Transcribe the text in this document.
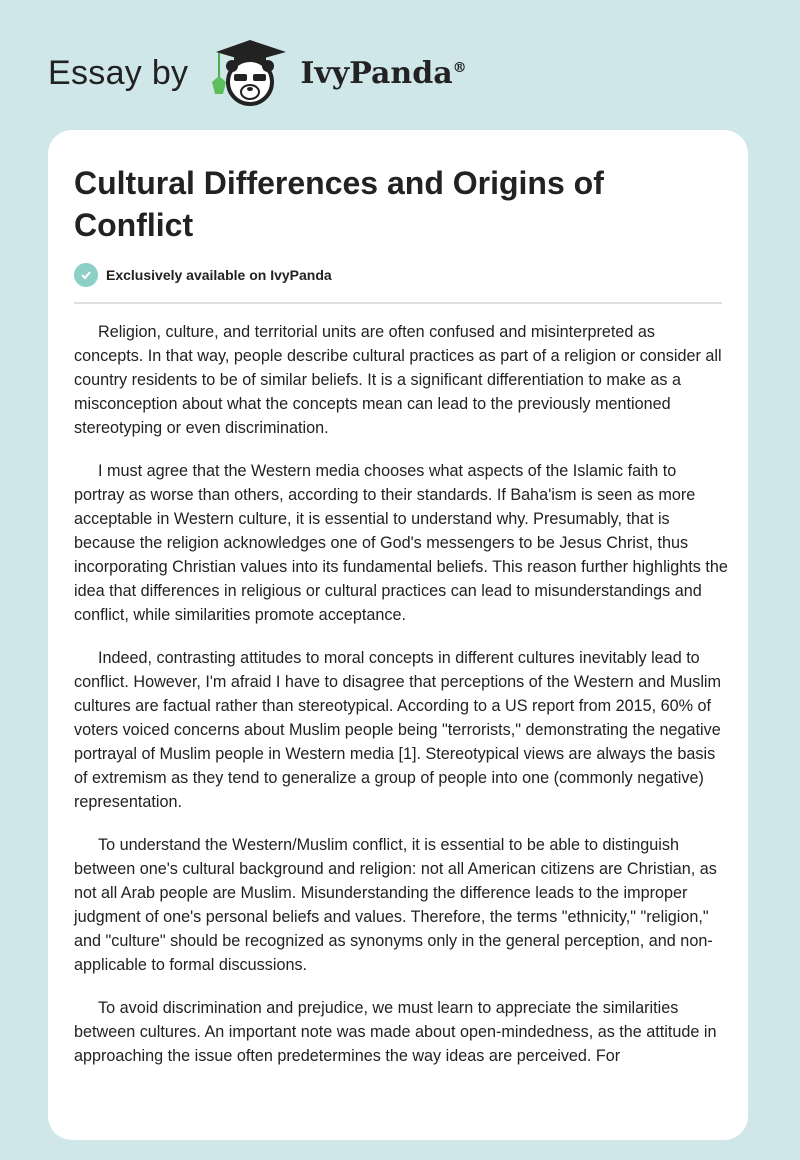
Essay by	IvyPanda®
Cultural Differences and Origins of Conflict
Exclusively available on IvyPanda

Religion, culture, and territorial units are often confused and misinterpreted as concepts. In that way, people describe cultural practices as part of a religion or consider all country residents to be of similar beliefs. It is a significant differentiation to make as a misconception about what the concepts mean can lead to the previously mentioned stereotyping or even discrimination.

I must agree that the Western media chooses what aspects of the Islamic faith to portray as worse than others, according to their standards. If Baha'ism is seen as more acceptable in Western culture, it is essential to understand why. Presumably, that is because the religion acknowledges one of God's messengers to be Jesus Christ, thus incorporating Christian values into its fundamental beliefs. This reason further highlights the idea that differences in religious or cultural practices can lead to misunderstandings and conflict, while similarities promote acceptance.

Indeed, contrasting attitudes to moral concepts in different cultures inevitably lead to conflict. However, I'm afraid I have to disagree that perceptions of the Western and Muslim cultures are factual rather than stereotypical. According to a US report from 2015, 60% of voters voiced concerns about Muslim people being "terrorists," demonstrating the negative portrayal of Muslim people in Western media [1]. Stereotypical views are always the basis of extremism as they tend to generalize a group of people into one (commonly negative) representation.

To understand the Western/Muslim conflict, it is essential to be able to distinguish between one's cultural background and religion: not all American citizens are Christian, as not all Arab people are Muslim. Misunderstanding the difference leads to the improper judgment of one's personal beliefs and values. Therefore, the terms "ethnicity," "religion," and "culture" should be recognized as synonyms only in the general perception, and non-applicable to formal discussions.

To avoid discrimination and prejudice, we must learn to appreciate the similarities between cultures. An important note was made about open-mindedness, as the attitude in approaching the issue often predetermines the way ideas are perceived. For
